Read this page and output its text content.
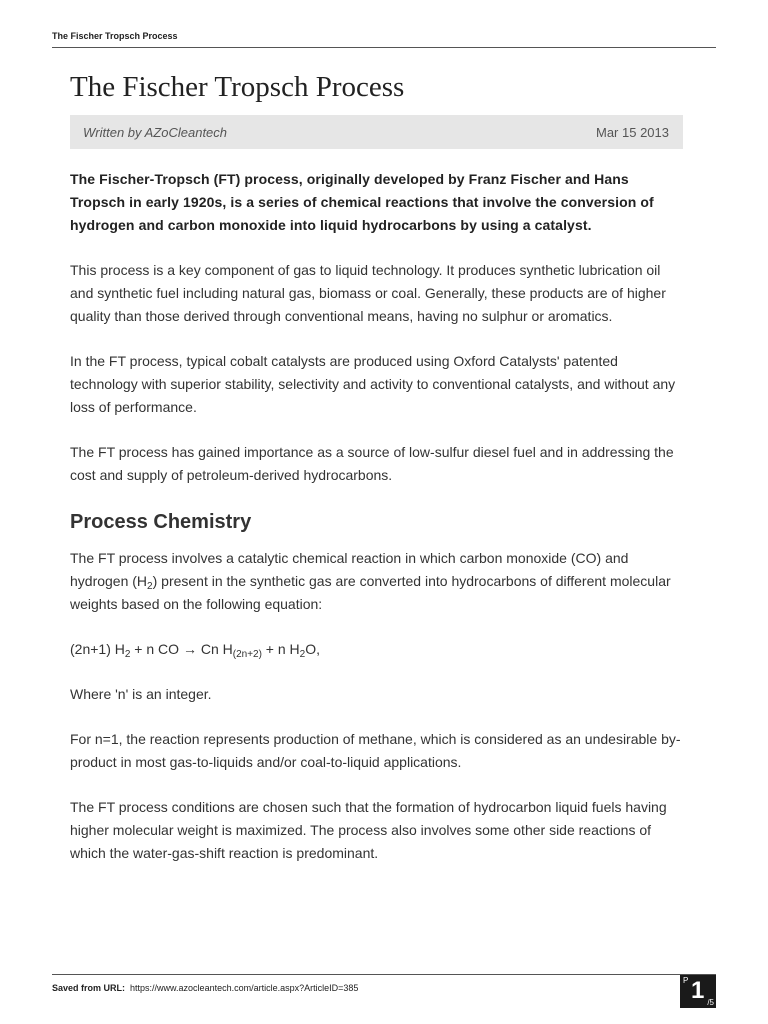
The Fischer Tropsch Process
The Fischer Tropsch Process
Written by AZoCleantech	Mar 15 2013

The Fischer-Tropsch (FT) process, originally developed by Franz Fischer and Hans Tropsch in early 1920s, is a series of chemical reactions that involve the conversion of hydrogen and carbon monoxide into liquid hydrocarbons by using a catalyst.

This process is a key component of gas to liquid technology. It produces synthetic lubrication oil and synthetic fuel including natural gas, biomass or coal. Generally, these products are of higher quality than those derived through conventional means, having no sulphur or aromatics.

In the FT process, typical cobalt catalysts are produced using Oxford Catalysts' patented technology with superior stability, selectivity and activity to conventional catalysts, and without any loss of performance.

The FT process has gained importance as a source of low-sulfur diesel fuel and in addressing the cost and supply of petroleum-derived hydrocarbons.

Process Chemistry

The FT process involves a catalytic chemical reaction in which carbon monoxide (CO) and hydrogen $(H_2)$ present in the synthetic gas are converted into hydrocarbons of different molecular weights based on the following equation:

(2n+1) $H_2 + n$ CO → Cn $H_{(2n+2)} + n$ $H_2O$,

Where 'n' is an integer.

For n=1, the reaction represents production of methane, which is considered as an undesirable by-product in most gas-to-liquids and/or coal-to-liquid applications.

The FT process conditions are chosen such that the formation of hydrocarbon liquid fuels having higher molecular weight is maximized. The process also involves some other side reactions of which the water-gas-shift reaction is predominant.

Saved from URL: https://www.azocleantech.com/article.aspx?ArticleID=385
P 1 /5
